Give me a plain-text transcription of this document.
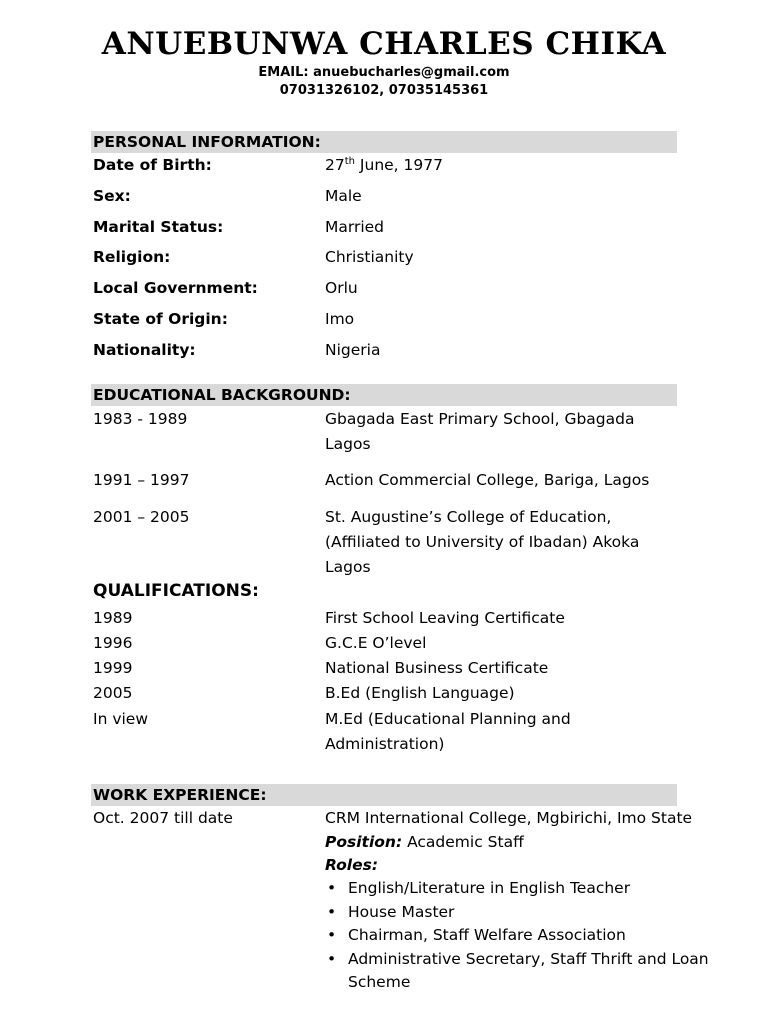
ANUEBUNWA CHARLES CHIKA
EMAIL: anuebucharles@gmail.com
07031326102, 07035145361
PERSONAL INFORMATION:
Date of Birth:	27th June, 1977
Sex:	Male
Marital Status:	Married
Religion:	Christianity
Local Government:	Orlu
State of Origin:	Imo
Nationality:	Nigeria
EDUCATIONAL BACKGROUND:
1983 - 1989	Gbagada East Primary School, Gbagada Lagos
1991 – 1997	Action Commercial College, Bariga, Lagos
2001 – 2005	St. Augustine’s College of Education, (Affiliated to University of Ibadan) Akoka Lagos
QUALIFICATIONS:
1989	First School Leaving Certificate
1996	G.C.E O’level
1999	National Business Certificate
2005	B.Ed (English Language)
In view	M.Ed (Educational Planning and Administration)
WORK EXPERIENCE:
Oct. 2007 till date	CRM International College, Mgbirichi, Imo State
Position: Academic Staff
Roles:
• English/Literature in English Teacher
• House Master
• Chairman, Staff Welfare Association
• Administrative Secretary, Staff Thrift and Loan Scheme
